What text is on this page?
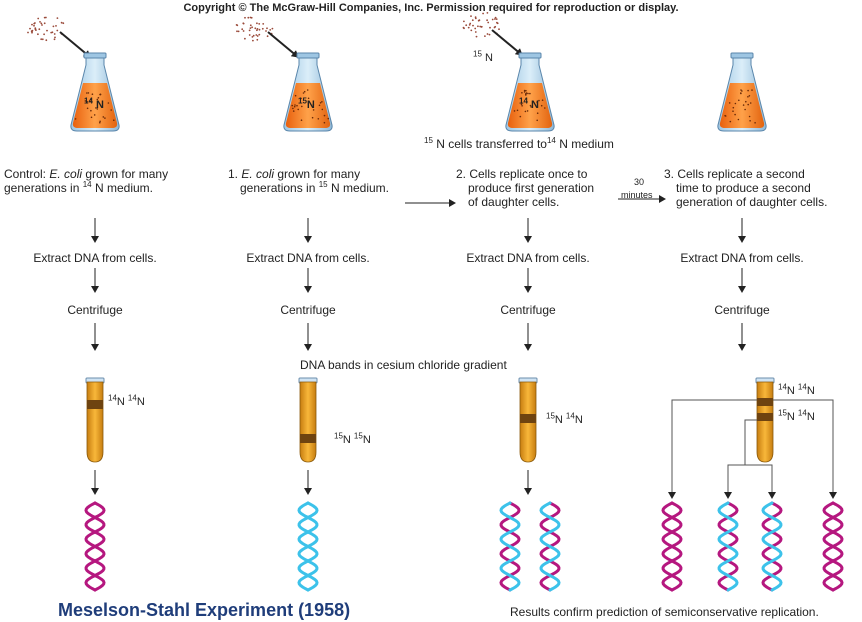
Copyright © The McGraw-Hill Companies, Inc. Permission required for reproduction or display.
$^{15}$ N
$^{14}$ N	$^{15}$N	$^{14}$ N
$^{15}$ N cells transferred $to^{14}$ N medium
Control: E. coli grown for many
generations in $^{14}$ N medium.
1. E. coli grown for many
generations in $^{15}$ N medium.
2. Cells replicate once to
produce first generation
of daughter cells.
3. Cells replicate a second
time to produce a second
generation of daughter cells.
30
minutes
Extract DNA from cells.	Extract DNA from cells.	Extract DNA from cells.	Extract DNA from cells.
Centrifuge	Centrifuge	Centrifuge	Centrifuge
DNA bands in cesium chloride gradient
$^{14}$N $^{14}$N
$^{15}$N $^{15}$N
$^{15}$N $^{14}$N
$^{14}$N $^{14}$N
$^{15}$N $^{14}$N
Meselson-Stahl Experiment (1958)	Results confirm prediction of semiconservative replication.
